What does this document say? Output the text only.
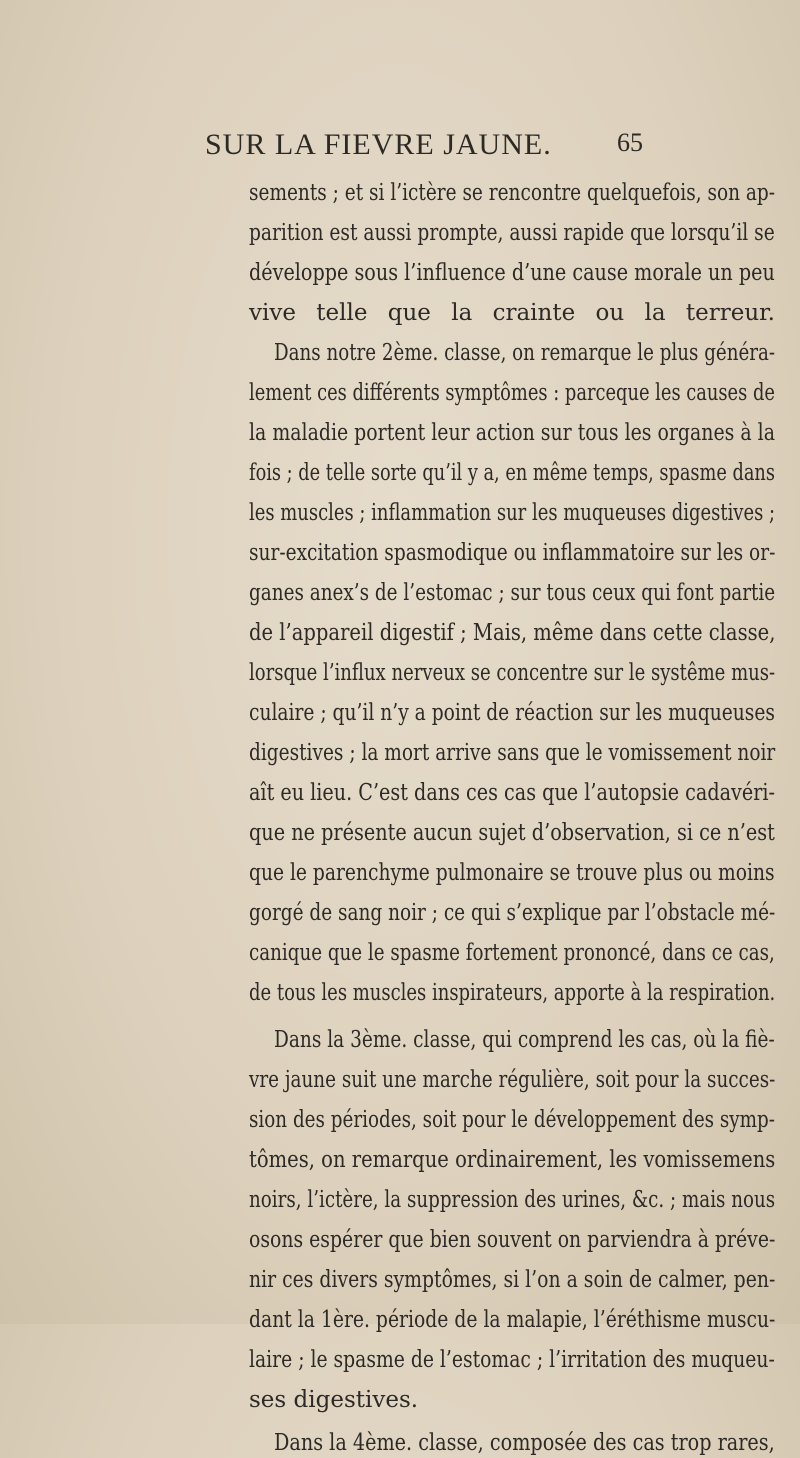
SUR LA FIEVRE JAUNE.	65
sements ; et si l’ictère se rencontre quelquefois, son ap-
parition est aussi prompte, aussi rapide que lorsqu’il se
développe sous l’influence d’une cause morale un peu
vive telle que la crainte ou la terreur.
Dans notre 2ème. classe, on remarque le plus généra-
lement ces différents symptômes : parceque les causes de
la maladie portent leur action sur tous les organes à la
fois ; de telle sorte qu’il y a, en même temps, spasme dans
les muscles ; inflammation sur les muqueuses digestives ;
sur-excitation spasmodique ou inflammatoire sur les or-
ganes anex’s de l’estomac ; sur tous ceux qui font partie
de l’appareil digestif ; Mais, même dans cette classe,
lorsque l’influx nerveux se concentre sur le systême mus-
culaire ; qu’il n’y a point de réaction sur les muqueuses
digestives ; la mort arrive sans que le vomissement noir
aît eu lieu. C’est dans ces cas que l’autopsie cadavéri-
que ne présente aucun sujet d’observation, si ce n’est
que le parenchyme pulmonaire se trouve plus ou moins
gorgé de sang noir ; ce qui s’explique par l’obstacle mé-
canique que le spasme fortement prononcé, dans ce cas,
de tous les muscles inspirateurs, apporte à la respiration.
Dans la 3ème. classe, qui comprend les cas, où la fiè-
vre jaune suit une marche régulière, soit pour la succes-
sion des périodes, soit pour le développement des symp-
tômes, on remarque ordinairement, les vomissemens
noirs, l’ictère, la suppression des urines, &c. ; mais nous
osons espérer que bien souvent on parviendra à préve-
nir ces divers symptômes, si l’on a soin de calmer, pen-
dant la 1ère. période de la malapie, l’éréthisme muscu-
laire ; le spasme de l’estomac ; l’irritation des muqueu-
ses digestives.
Dans la 4ème. classe, composée des cas trop rares,
